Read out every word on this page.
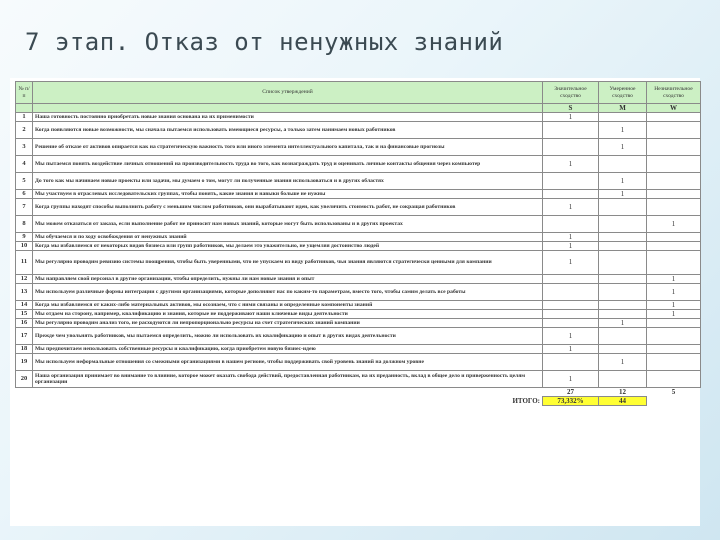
7 этап. Отказ от ненужных знаний
№ п/п	Список утверждений	Значительное сходство	Умеренное сходство	Незначительное сходство
		S	M	W
1	Наша готовность постоянно приобретать новые знания основана на их применимости	1		
2	Когда появляются новые возможности, мы сначала пытаемся использовать имеющиеся ресурсы, а только затем нанимаем новых работников		1	
3	Решение об отказе от активов опирается как на стратегическую важность того или иного элемента интеллектуального капитала, так и на финансовые прогнозы		1	
4	Мы пытаемся понять воздействие личных отношений на производительность труда во того, как вознаграждать труд и оценивать личные контакты общения через компьютер	1		
5	До того как мы начинаем новые проекты или задачи, мы думаем о том, могут ли полученные знания использоваться и в других областях		1	
6	Мы участвуем в отраслевых исследовательских группах, чтобы понять, какие знания и навыки больше не нужны		1	
7	Когда группы находят способы выполнить работу с меньшим числом работников, они вырабатывают идеи, как увеличить стоимость работ, не сокращая работников	1		
8	Мы можем отказаться от заказа, если выполнение работ не приносит нам новых знаний, которые могут быть использованы и в других проектах			1
9	Мы обучаемся и по ходу освобождения от ненужных знаний	1		
10	Когда мы избавляемся от некоторых видов бизнеса или групп работников, мы делаем это уважительно, не ущемляя достоинство людей	1		
11	Мы регулярно проводим ревизию системы поощрения, чтобы быть уверенными, что не упускаем из виду работников, чьи знания являются стратегически ценными для компании	1		
12	Мы направляем свой персонал в другие организации, чтобы определить, нужны ли нам новые знания и опыт			1
13	Мы используем различные формы интеграции с другими организациями, которые дополняют нас по каким-то параметрам, вместо того, чтобы самим делать все работы			1
14	Когда мы избавляемся от каких-либо материальных активов, мы осознаем, что с ними связаны и определенные компоненты знаний			1
15	Мы отдаем на сторону, например, квалификацию и знания, которые не поддерживают наши ключевые виды деятельности			1
16	Мы регулярно проводим анализ того, не расходуются ли непропорционально ресурсы на счет стратегических знаний компании		1	
17	Прежде чем увольнять работников, мы пытаемся определить, можно ли использовать их квалификацию и опыт в других видах деятельности	1		
18	Мы предпочитаем непользовать собственные ресурсы и квалификацию, когда приобретем новую бизнес-идею	1		
19	Мы используем неформальные отношения со смежными организациями в нашем регионе, чтобы поддерживать свой уровень знаний на должном уровне		1	
20	Наша организация принимает во внимание то влияние, которое может оказать свобода действий, предоставленная работникам, на их преданность, вклад в общее дело и приверженность целям организации	1		
		27	12	5
	ИТОГО:	73,332%	44	
